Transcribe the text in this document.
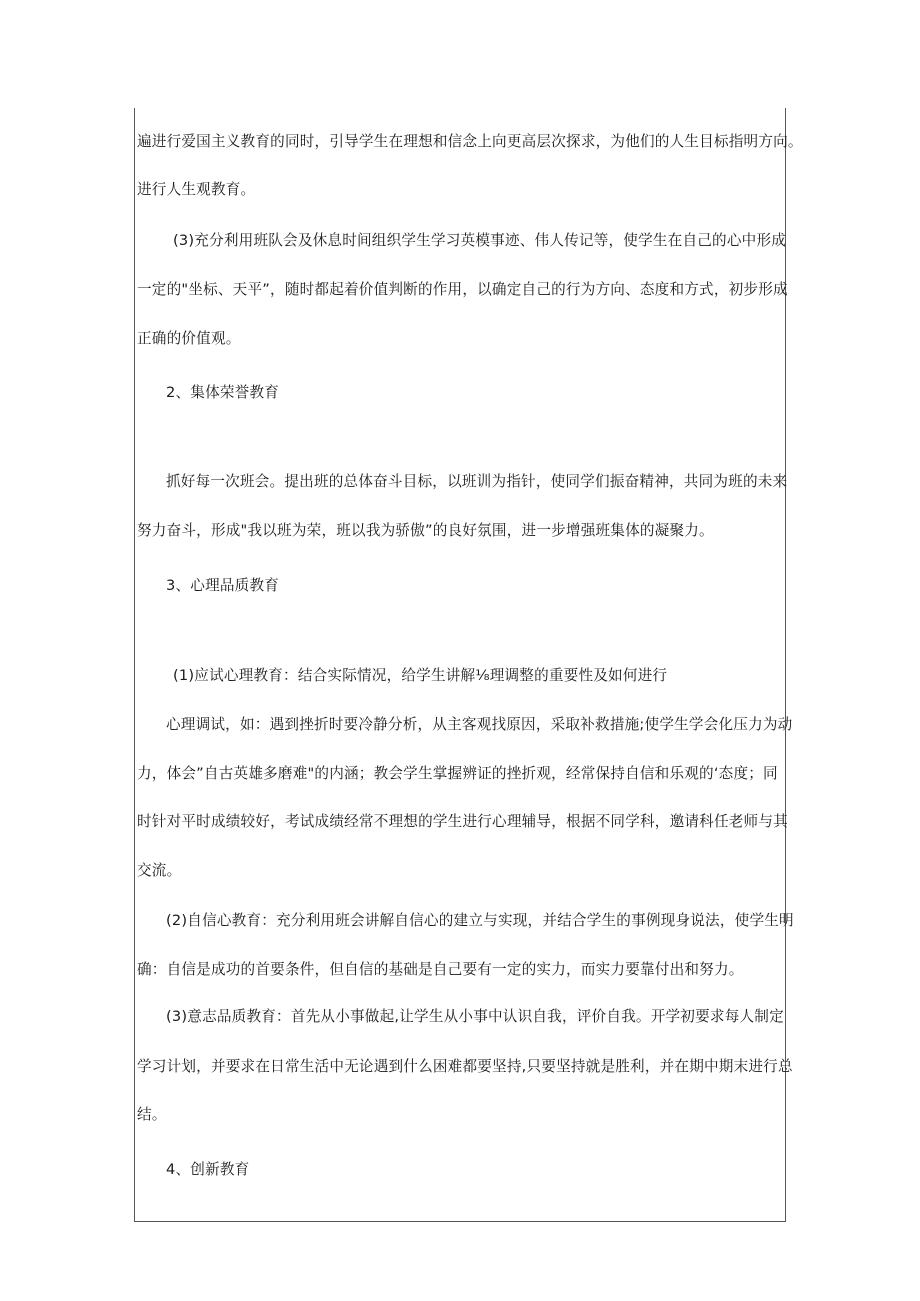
遍进行爱国主义教育的同时，引导学生在理想和信念上向更高层次探求，为他们的人生目标指明方向。
进行人生观教育。
(3)充分利用班队会及休息时间组织学生学习英模事迹、伟人传记等，使学生在自己的心中形成
一定的"坐标、天平”，随时都起着价值判断的作用，以确定自己的行为方向、态度和方式，初步形成
正确的价值观。
2、集体荣誉教育
抓好每一次班会。提出班的总体奋斗目标，以班训为指针，使同学们振奋精神，共同为班的未来
努力奋斗，形成"我以班为荣，班以我为骄傲”的良好氛围，进一步增强班集体的凝聚力。
3、心理品质教育
(1)应试心理教育：结合实际情况，给学生讲解⅛理调整的重要性及如何进行
心理调试，如：遇到挫折时要冷静分析，从主客观找原因，采取补救措施;使学生学会化压力为动
力，体会”自古英雄多磨难"的内涵；教会学生掌握辨证的挫折观，经常保持自信和乐观的‘态度；同
时针对平时成绩较好，考试成绩经常不理想的学生进行心理辅导，根据不同学科，邀请科任老师与其
交流。
(2)自信心教育：充分利用班会讲解自信心的建立与实现，并结合学生的事例现身说法，使学生明
确：自信是成功的首要条件，但自信的基础是自己要有一定的实力，而实力要靠付出和努力。
(3)意志品质教育：首先从小事做起,让学生从小事中认识自我，评价自我。开学初要求每人制定
学习计划，并要求在日常生活中无论遇到什么困难都要坚持,只要坚持就是胜利，并在期中期末进行总
结。
4、创新教育
